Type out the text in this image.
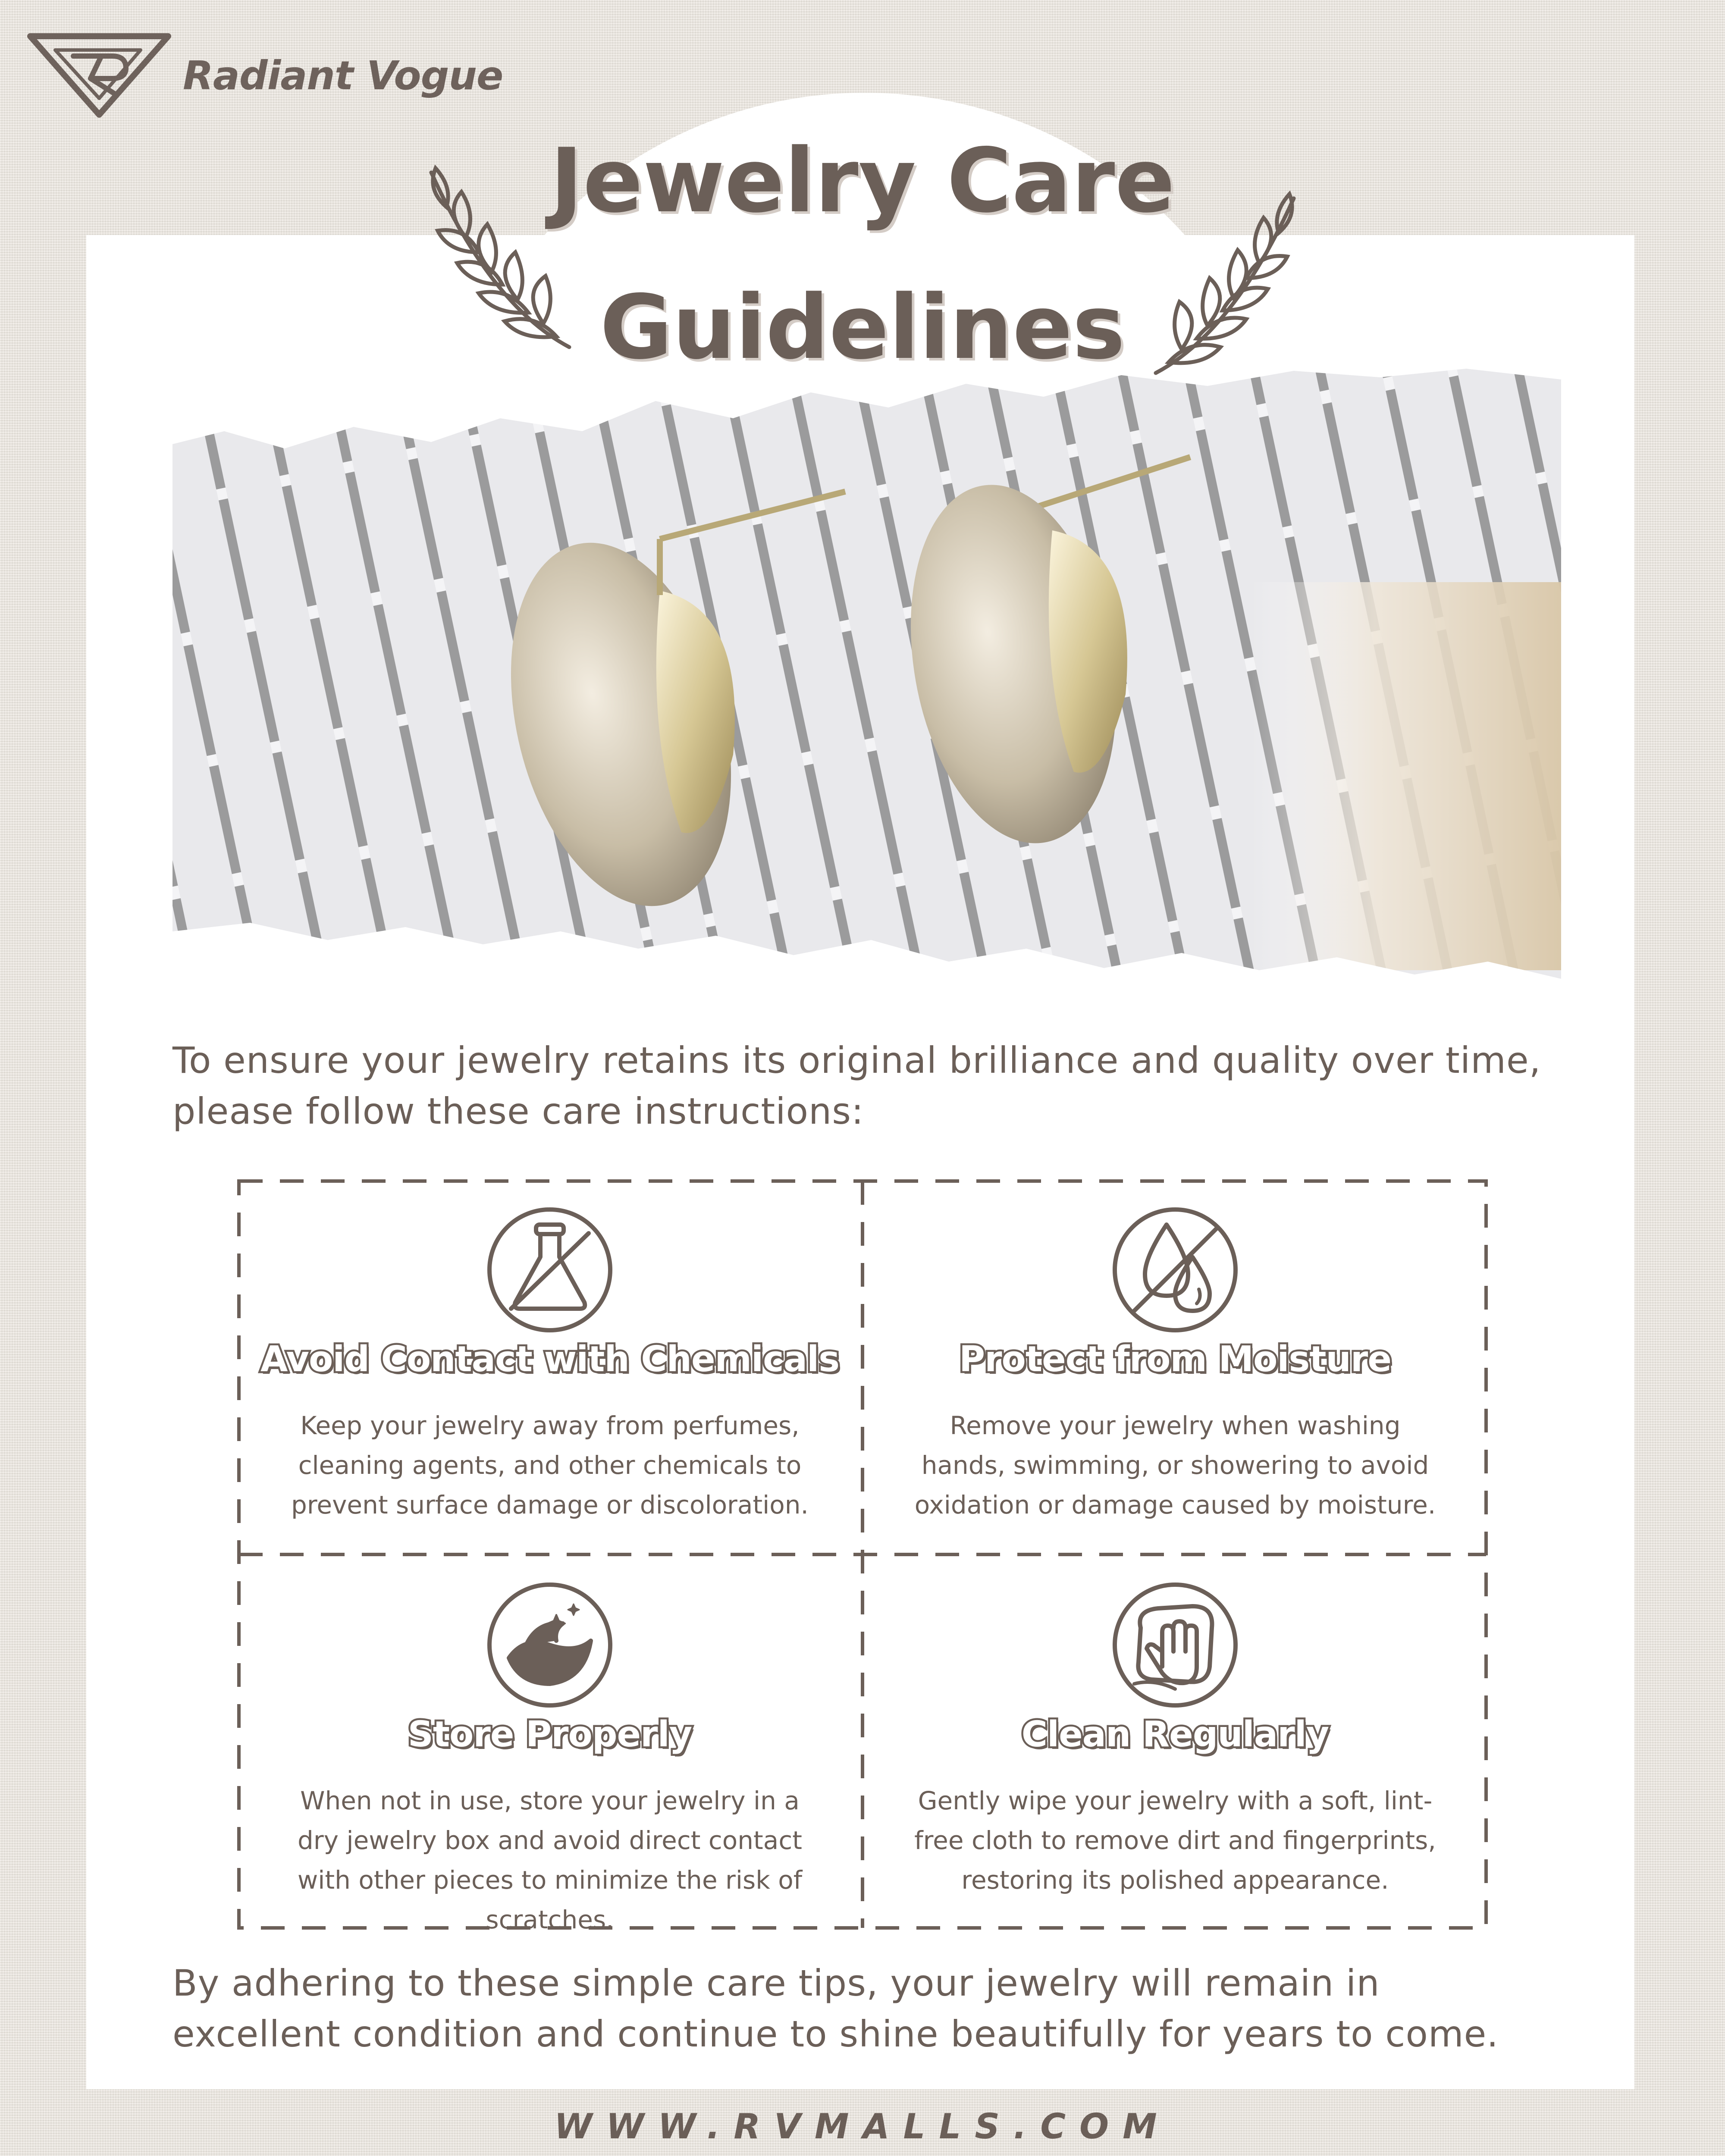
Radiant Vogue
Jewelry Care
Guidelines
To ensure your jewelry retains its original brilliance and quality over time, please follow these care instructions:
Avoid Contact with Chemicals
Keep your jewelry away from perfumes, cleaning agents, and other chemicals to prevent surface damage or discoloration.
Protect from Moisture
Remove your jewelry when washing hands, swimming, or showering to avoid oxidation or damage caused by moisture.
Store Properly
When not in use, store your jewelry in a dry jewelry box and avoid direct contact with other pieces to minimize the risk of scratches.
Clean Regularly
Gently wipe your jewelry with a soft, lint-free cloth to remove dirt and fingerprints, restoring its polished appearance.
By adhering to these simple care tips, your jewelry will remain in excellent condition and continue to shine beautifully for years to come.
WWW.RVMALLS.COM
